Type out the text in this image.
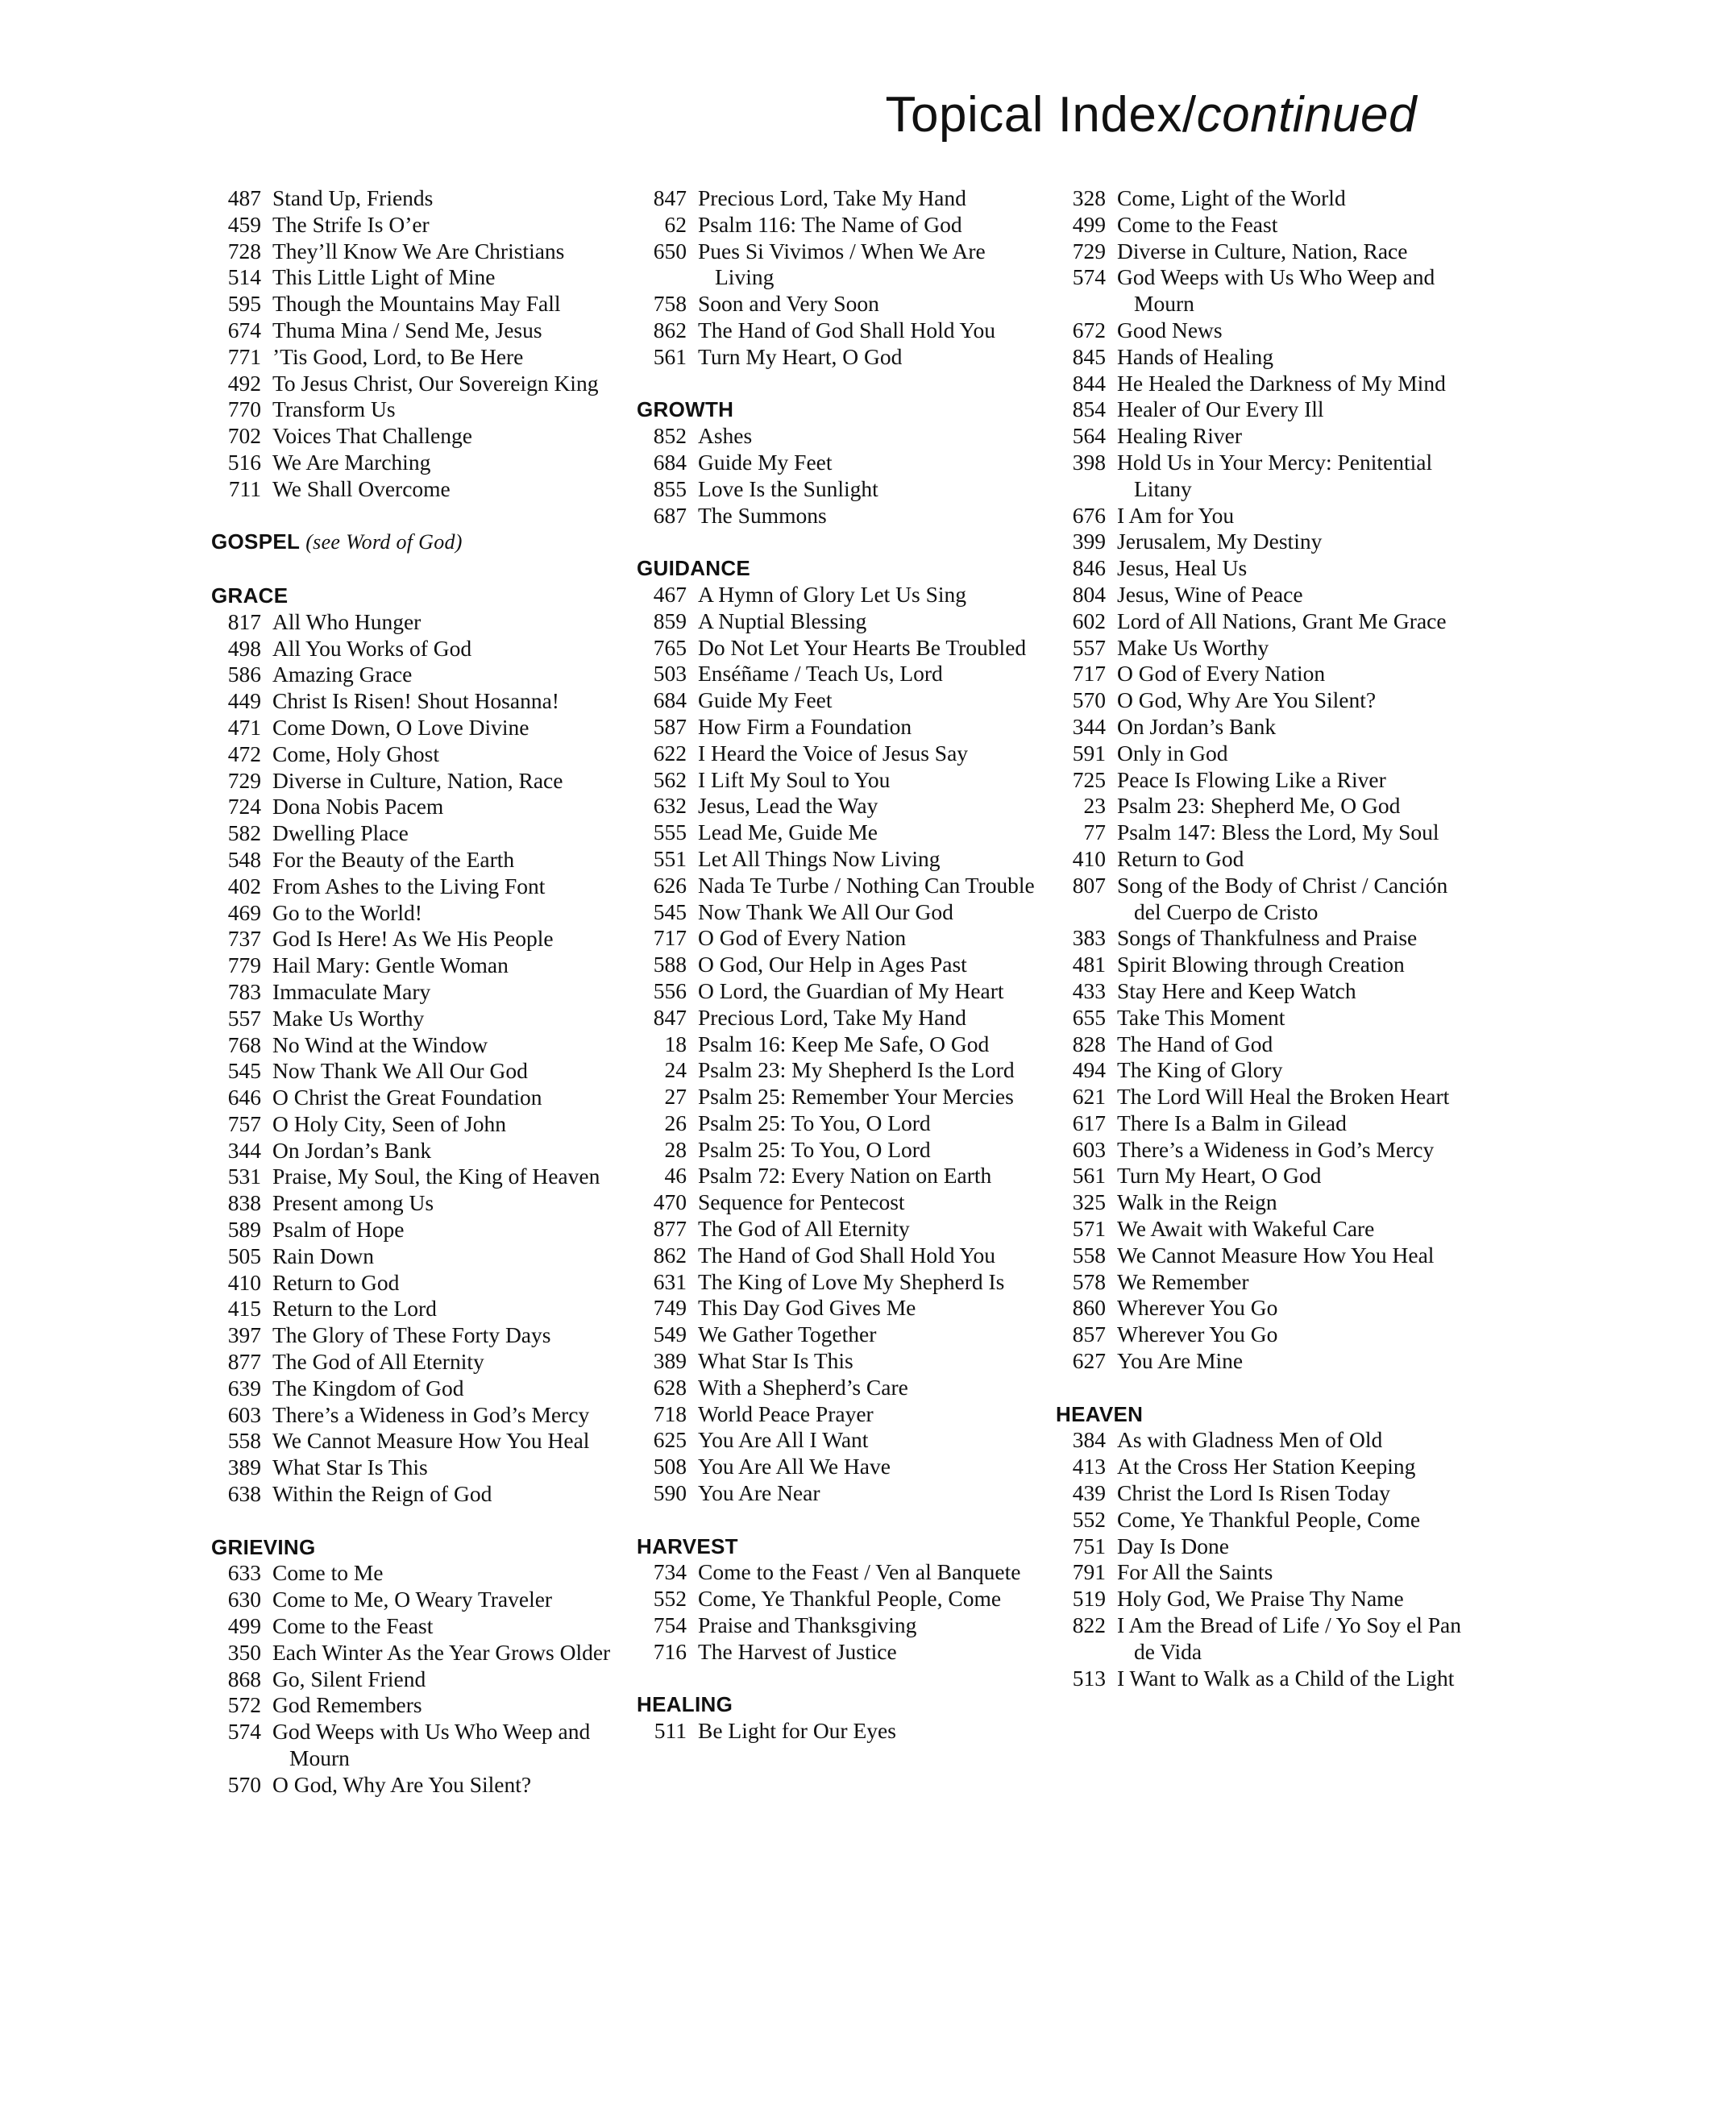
Topical Index/continued
487 Stand Up, Friends
459 The Strife Is O’er
728 They’ll Know We Are Christians
514 This Little Light of Mine
595 Though the Mountains May Fall
674 Thuma Mina / Send Me, Jesus
771 ’Tis Good, Lord, to Be Here
492 To Jesus Christ, Our Sovereign King
770 Transform Us
702 Voices That Challenge
516 We Are Marching
711 We Shall Overcome
GOSPEL (see Word of God)
GRACE
817 All Who Hunger
498 All You Works of God
586 Amazing Grace
449 Christ Is Risen! Shout Hosanna!
471 Come Down, O Love Divine
472 Come, Holy Ghost
729 Diverse in Culture, Nation, Race
724 Dona Nobis Pacem
582 Dwelling Place
548 For the Beauty of the Earth
402 From Ashes to the Living Font
469 Go to the World!
737 God Is Here! As We His People
779 Hail Mary: Gentle Woman
783 Immaculate Mary
557 Make Us Worthy
768 No Wind at the Window
545 Now Thank We All Our God
646 O Christ the Great Foundation
757 O Holy City, Seen of John
344 On Jordan’s Bank
531 Praise, My Soul, the King of Heaven
838 Present among Us
589 Psalm of Hope
505 Rain Down
410 Return to God
415 Return to the Lord
397 The Glory of These Forty Days
877 The God of All Eternity
639 The Kingdom of God
603 There’s a Wideness in God’s Mercy
558 We Cannot Measure How You Heal
389 What Star Is This
638 Within the Reign of God
GRIEVING
633 Come to Me
630 Come to Me, O Weary Traveler
499 Come to the Feast
350 Each Winter As the Year Grows Older
868 Go, Silent Friend
572 God Remembers
574 God Weeps with Us Who Weep and Mourn
570 O God, Why Are You Silent?
847 Precious Lord, Take My Hand
62 Psalm 116: The Name of God
650 Pues Si Vivimos / When We Are Living
758 Soon and Very Soon
862 The Hand of God Shall Hold You
561 Turn My Heart, O God
GROWTH
852 Ashes
684 Guide My Feet
855 Love Is the Sunlight
687 The Summons
GUIDANCE
467 A Hymn of Glory Let Us Sing
859 A Nuptial Blessing
765 Do Not Let Your Hearts Be Troubled
503 Enséñame / Teach Us, Lord
684 Guide My Feet
587 How Firm a Foundation
622 I Heard the Voice of Jesus Say
562 I Lift My Soul to You
632 Jesus, Lead the Way
555 Lead Me, Guide Me
551 Let All Things Now Living
626 Nada Te Turbe / Nothing Can Trouble
545 Now Thank We All Our God
717 O God of Every Nation
588 O God, Our Help in Ages Past
556 O Lord, the Guardian of My Heart
847 Precious Lord, Take My Hand
18 Psalm 16: Keep Me Safe, O God
24 Psalm 23: My Shepherd Is the Lord
27 Psalm 25: Remember Your Mercies
26 Psalm 25: To You, O Lord
28 Psalm 25: To You, O Lord
46 Psalm 72: Every Nation on Earth
470 Sequence for Pentecost
877 The God of All Eternity
862 The Hand of God Shall Hold You
631 The King of Love My Shepherd Is
749 This Day God Gives Me
549 We Gather Together
389 What Star Is This
628 With a Shepherd’s Care
718 World Peace Prayer
625 You Are All I Want
508 You Are All We Have
590 You Are Near
HARVEST
734 Come to the Feast / Ven al Banquete
552 Come, Ye Thankful People, Come
754 Praise and Thanksgiving
716 The Harvest of Justice
HEALING
511 Be Light for Our Eyes
328 Come, Light of the World
499 Come to the Feast
729 Diverse in Culture, Nation, Race
574 God Weeps with Us Who Weep and Mourn
672 Good News
845 Hands of Healing
844 He Healed the Darkness of My Mind
854 Healer of Our Every Ill
564 Healing River
398 Hold Us in Your Mercy: Penitential Litany
676 I Am for You
399 Jerusalem, My Destiny
846 Jesus, Heal Us
804 Jesus, Wine of Peace
602 Lord of All Nations, Grant Me Grace
557 Make Us Worthy
717 O God of Every Nation
570 O God, Why Are You Silent?
344 On Jordan’s Bank
591 Only in God
725 Peace Is Flowing Like a River
23 Psalm 23: Shepherd Me, O God
77 Psalm 147: Bless the Lord, My Soul
410 Return to God
807 Song of the Body of Christ / Canción del Cuerpo de Cristo
383 Songs of Thankfulness and Praise
481 Spirit Blowing through Creation
433 Stay Here and Keep Watch
655 Take This Moment
828 The Hand of God
494 The King of Glory
621 The Lord Will Heal the Broken Heart
617 There Is a Balm in Gilead
603 There’s a Wideness in God’s Mercy
561 Turn My Heart, O God
325 Walk in the Reign
571 We Await with Wakeful Care
558 We Cannot Measure How You Heal
578 We Remember
860 Wherever You Go
857 Wherever You Go
627 You Are Mine
HEAVEN
384 As with Gladness Men of Old
413 At the Cross Her Station Keeping
439 Christ the Lord Is Risen Today
552 Come, Ye Thankful People, Come
751 Day Is Done
791 For All the Saints
519 Holy God, We Praise Thy Name
822 I Am the Bread of Life / Yo Soy el Pan de Vida
513 I Want to Walk as a Child of the Light
